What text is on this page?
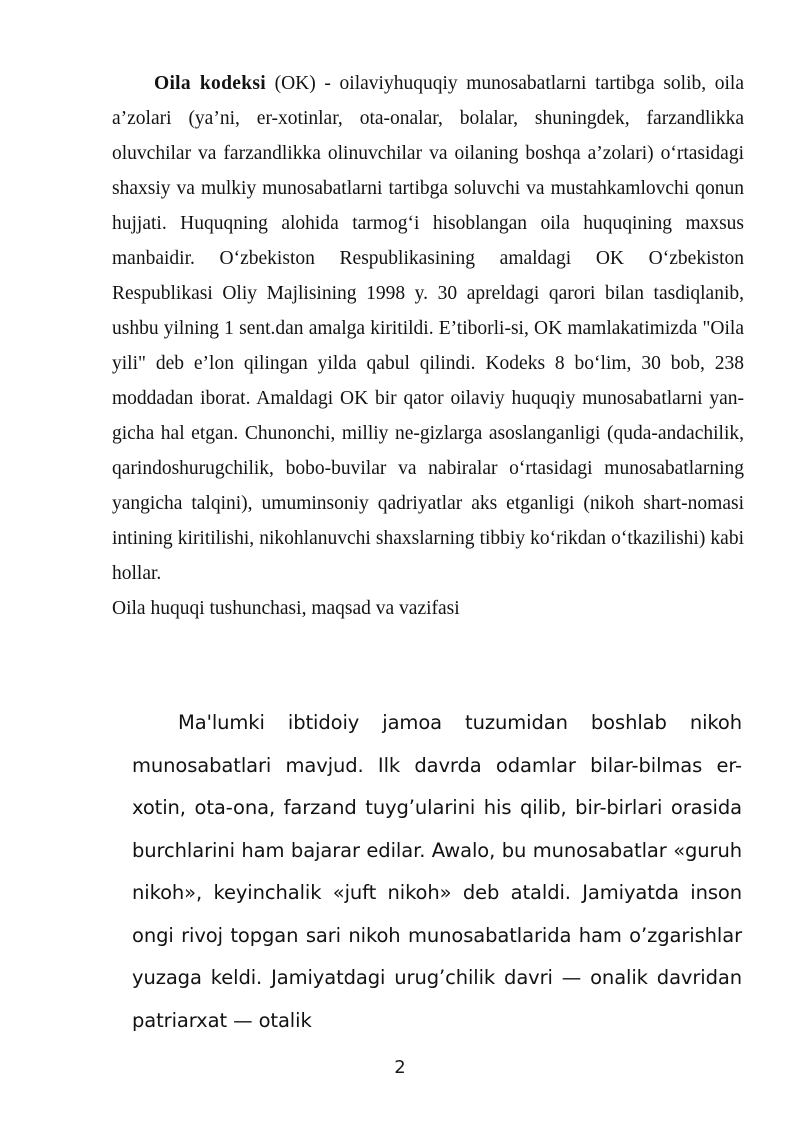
Oila kodeksi (OK) - oilaviyhuquqiy munosabatlarni tartibga solib, oila a’zolari (ya’ni, er-xotinlar, ota-onalar, bolalar, shuningdek, farzandlikka oluvchilar va farzandlikka olinuvchilar va oilaning boshqa a’zolari) o‘rtasidagi shaxsiy va mulkiy munosabatlarni tartibga soluvchi va mustahkamlovchi qonun hujjati. Huquqning alohida tarmog‘i hisoblangan oila huquqining maxsus manbaidir. O‘zbekiston Respublikasining amaldagi OK O‘zbekiston Respublikasi Oliy Majlisining 1998 y. 30 apreldagi qarori bilan tasdiqlanib, ushbu yilning 1 sent.dan amalga kiritildi. E’tiborli-si, OK mamlakatimizda "Oila yili" deb e’lon qilingan yilda qabul qilindi. Kodeks 8 bo‘lim, 30 bob, 238 moddadan iborat. Amaldagi OK bir qator oilaviy huquqiy munosabatlarni yan-gicha hal etgan. Chunonchi, milliy ne-gizlarga asoslanganligi (quda-andachilik, qarindoshurugchilik, bobo-buvilar va nabiralar o‘rtasidagi munosabatlarning yangicha talqini), umuminsoniy qadriyatlar aks etganligi (nikoh shart-nomasi intining kiritilishi, nikohlanuvchi shaxslarning tibbiy ko‘rikdan o‘tkazilishi) kabi hollar.

Oila huquqi tushunchasi, maqsad va vazifasi

Ma'lumki ibtidoiy jamoa tuzumidan boshlab nikoh munosabatlari mavjud. Ilk davrda odamlar bilar-bilmas er-xotin, ota-ona, farzand tuyg’ularini his qilib, bir-birlari orasida burchlarini ham bajarar edilar. Awalo, bu munosabatlar «guruh nikoh», keyinchalik «juft nikoh» deb ataldi. Jamiyatda inson ongi rivoj topgan sari nikoh munosabatlarida ham o’zgarishlar yuzaga keldi. Jamiyatdagi urug’chilik davri — onalik davridan patriarxat — otalik

2
